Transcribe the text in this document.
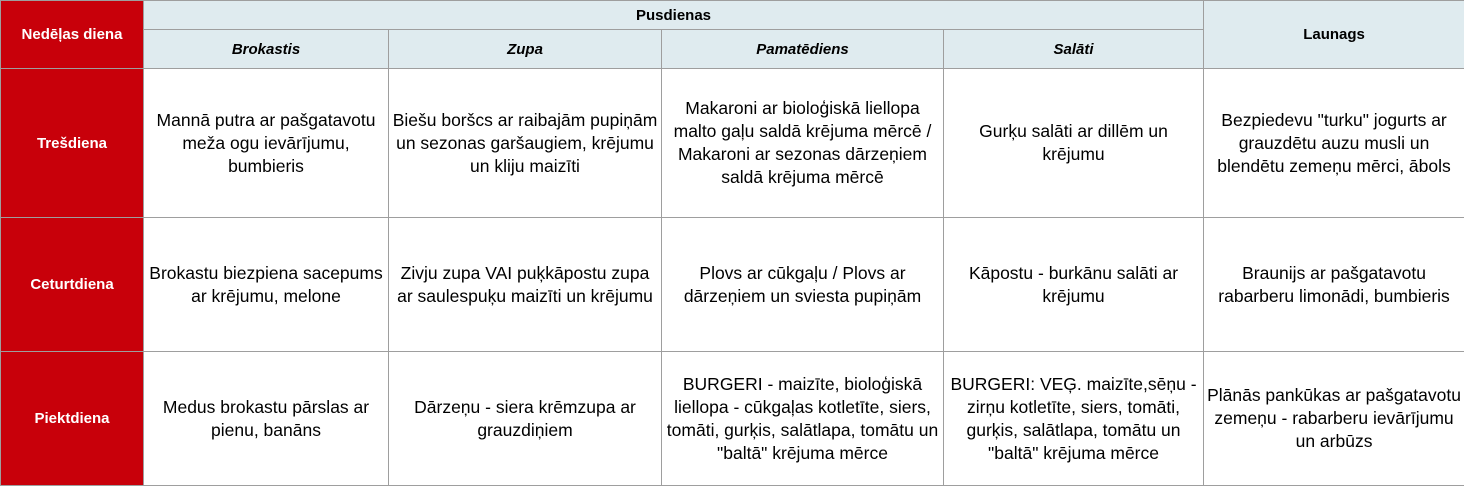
Nedēļas diena	Pusdienas				Launags
	Brokastis	Zupa	Pamatēdiens	Salāti	
Trešdiena	Mannā putra ar pašgatavotu meža ogu ievārījumu, bumbieris	Biešu boršcs ar raibajām pupiņām un sezonas garšaugiem, krējumu un kliju maizīti	Makaroni ar bioloģiskā liellopa malto gaļu saldā krējuma mērcē / Makaroni ar sezonas dārzeņiem saldā krējuma mērcē	Gurķu salāti ar dillēm un krējumu	Bezpiedevu "turku" jogurts ar grauzdētu auzu musli un blendētu zemeņu mērci, ābols
Ceturtdiena	Brokastu biezpiena sacepums ar krējumu, melone	Zivju zupa VAI puķkāpostu zupa ar saulespuķu maizīti un krējumu	Plovs ar cūkgaļu / Plovs ar dārzeņiem un sviesta pupiņām	Kāpostu - burkānu salāti ar krējumu	Braunijs ar pašgatavotu rabarberu limonādi, bumbieris
Piektdiena	Medus brokastu pārslas ar pienu, banāns	Dārzeņu - siera krēmzupa ar grauzdiņiem	BURGERI - maizīte, bioloģiskā liellopa - cūkgaļas kotletīte, siers, tomāti, gurķis, salātlapa, tomātu un "baltā" krējuma mērce	BURGERI: VEĢ. maizīte,sēņu - zirņu kotletīte, siers, tomāti, gurķis, salātlapa, tomātu un "baltā" krējuma mērce	Plānās pankūkas ar pašgatavotu zemeņu - rabarberu ievārījumu un arbūzs
